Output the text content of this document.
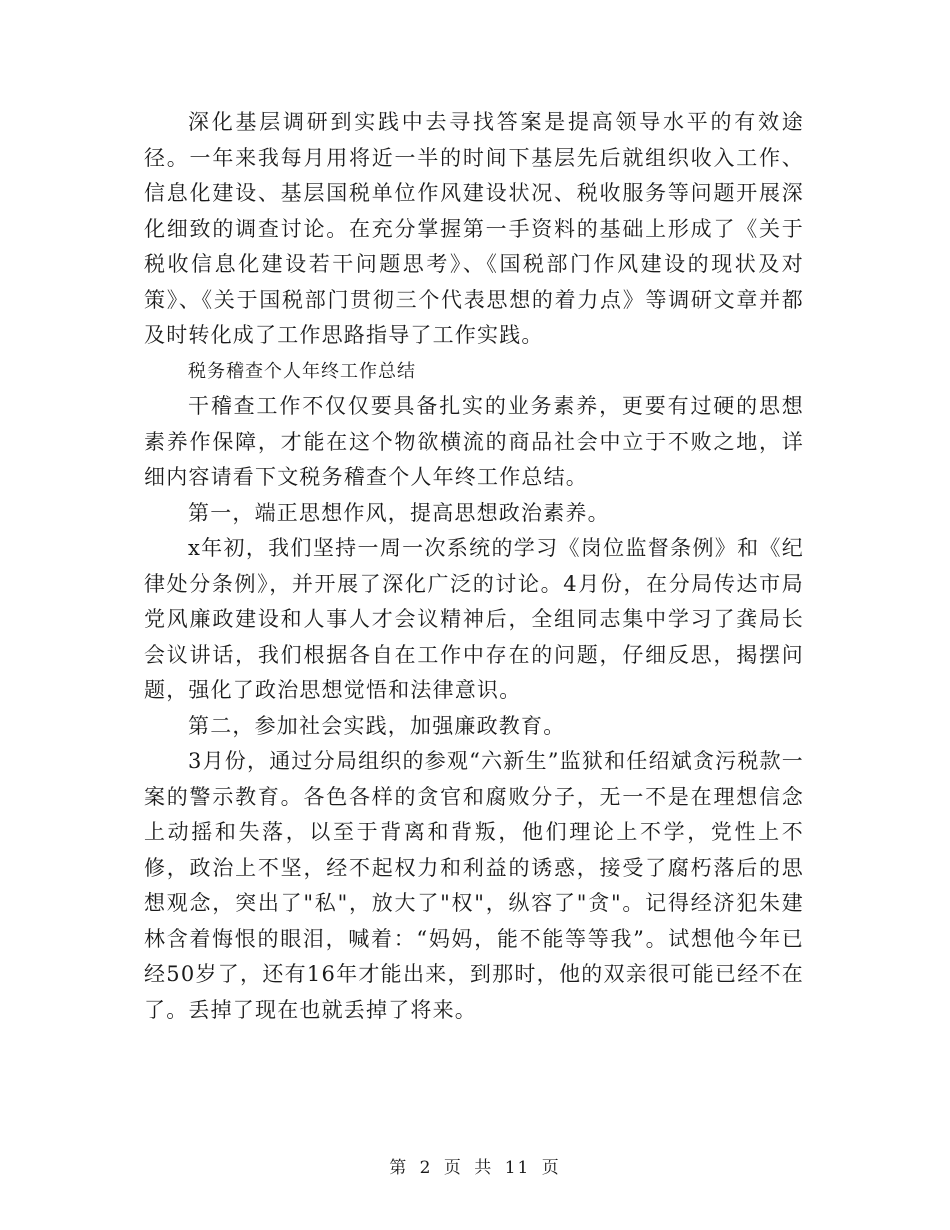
深化基层调研到实践中去寻找答案是提高领导水平的有效途径。一年来我每月用将近一半的时间下基层先后就组织收入工作、信息化建设、基层国税单位作风建设状况、税收服务等问题开展深化细致的调查讨论。在充分掌握第一手资料的基础上形成了《关于税收信息化建设若干问题思考》、《国税部门作风建设的现状及对策》、《关于国税部门贯彻三个代表思想的着力点》等调研文章并都及时转化成了工作思路指导了工作实践。

税务稽查个人年终工作总结

干稽查工作不仅仅要具备扎实的业务素养，更要有过硬的思想素养作保障，才能在这个物欲横流的商品社会中立于不败之地，详细内容请看下文税务稽查个人年终工作总结。

第一，端正思想作风，提高思想政治素养。

x年初，我们坚持一周一次系统的学习《岗位监督条例》和《纪律处分条例》，并开展了深化广泛的讨论。4月份，在分局传达市局党风廉政建设和人事人才会议精神后，全组同志集中学习了龚局长会议讲话，我们根据各自在工作中存在的问题，仔细反思，揭摆问题，强化了政治思想觉悟和法律意识。

第二，参加社会实践，加强廉政教育。

3月份，通过分局组织的参观“六新生”监狱和任绍斌贪污税款一案的警示教育。各色各样的贪官和腐败分子，无一不是在理想信念上动摇和失落，以至于背离和背叛，他们理论上不学，党性上不修，政治上不坚，经不起权力和利益的诱惑，接受了腐朽落后的思想观念，突出了"私"，放大了"权"，纵容了"贪"。记得经济犯朱建林含着悔恨的眼泪，喊着：“妈妈，能不能等等我”。试想他今年已经50岁了，还有16年才能出来，到那时，他的双亲很可能已经不在了。丢掉了现在也就丢掉了将来。

第 2 页 共 11 页
